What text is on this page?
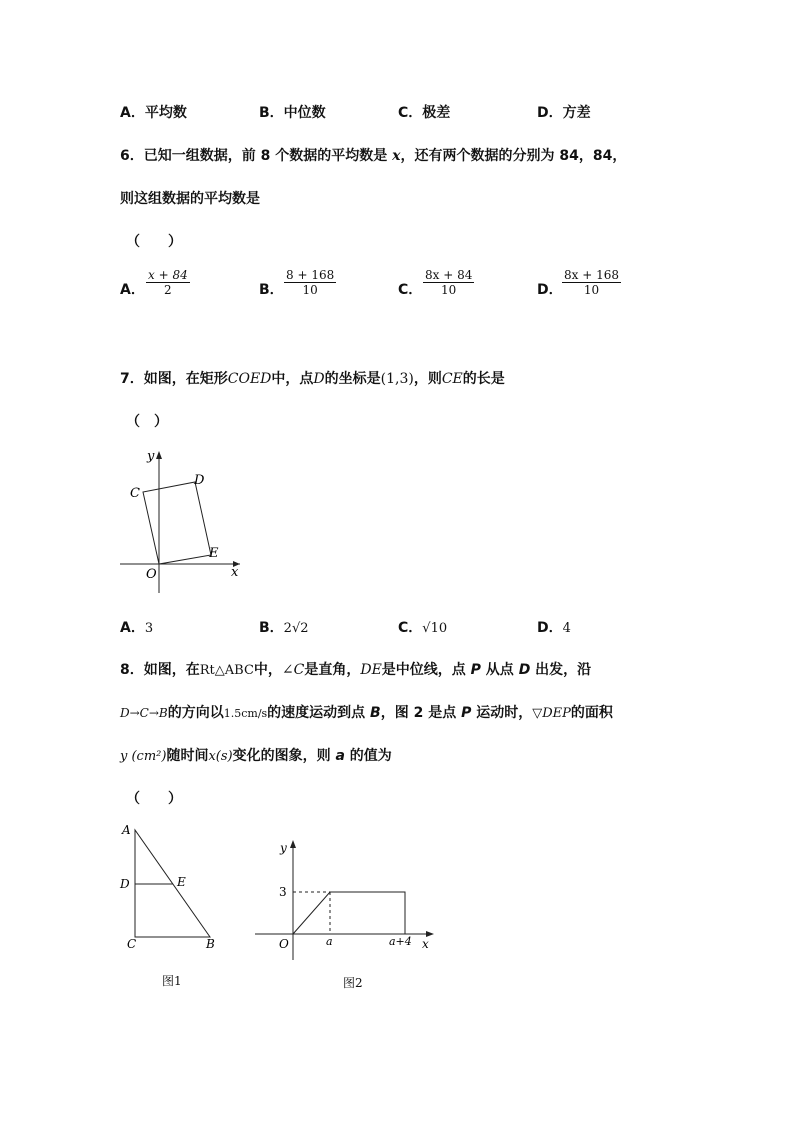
A．平均数	B．中位数	C．极差	D．方差
6．已知一组数据，前 8 个数据的平均数是 x，还有两个数据的分别为 84，84，
则这组数据的平均数是
（　　）
A． $\frac{x + 84}{2}$	B． $\frac{8 + 168}{10}$	C． $\frac{8x + 84}{10}$	D． $\frac{8x + 168}{10}$
7．如图，在矩形COED中，点D的坐标是(1,3)，则CE的长是
（　）
y
x
C
D
E
O
A．3	B．2√2	C．√10	D．4
8．如图，在Rt△ABC中，∠C是直角，DE是中位线，点 P 从点 D 出发，沿
D→C→B的方向以1.5cm/s的速度运动到点 B，图 2 是点 P 运动时，▽DEP的面积
y (cm²)随时间x(s)变化的图象，则 a 的值为
（　　）
A
D	E
C	B
图1
y
x
O
3
a	a+4
图2
